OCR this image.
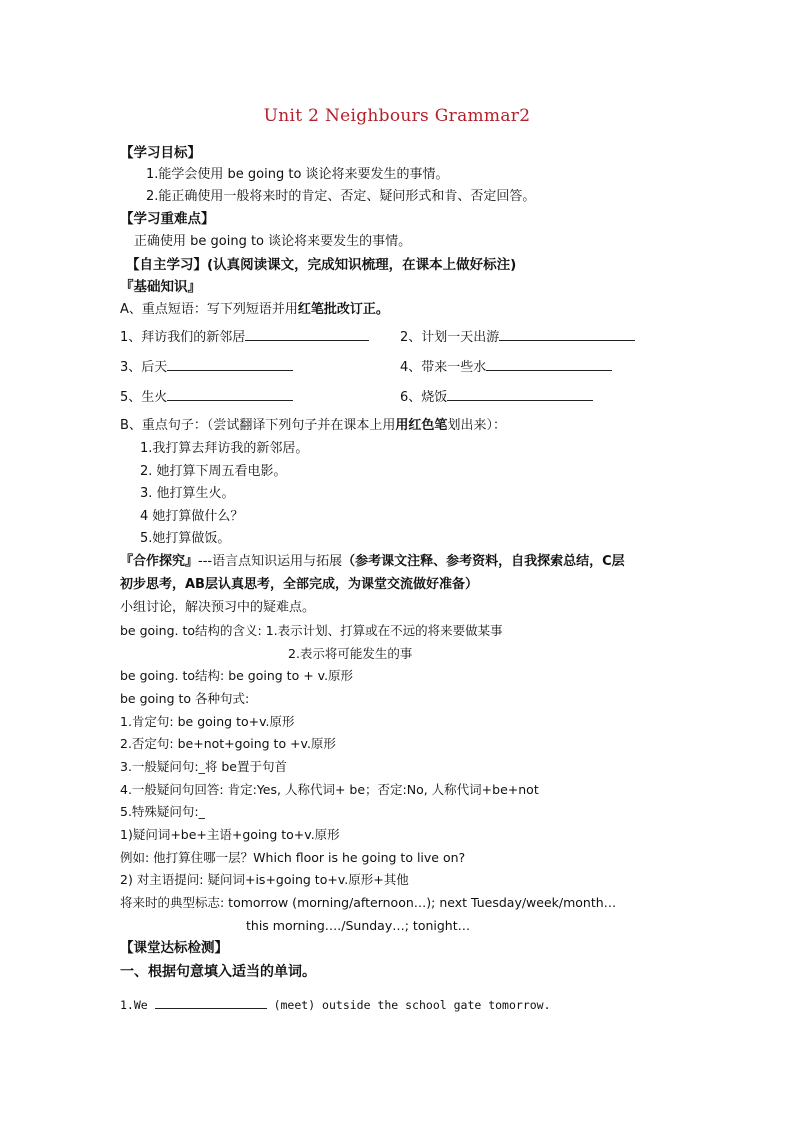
Unit 2 Neighbours Grammar2
【学习目标】
1.能学会使用 be going to 谈论将来要发生的事情。
2.能正确使用一般将来时的肯定、否定、疑问形式和肯、否定回答。
【学习重难点】
正确使用 be going to 谈论将来要发生的事情。
【自主学习】(认真阅读课文，完成知识梳理，在课本上做好标注)
『基础知识』
A、重点短语：写下列短语并用红笔批改订正。
1、拜访我们的新邻居	2、计划一天出游
3、后天	4、带来一些水
5、生火	6、烧饭
B、重点句子：（尝试翻译下列句子并在课本上用用红色笔划出来）：
1.我打算去拜访我的新邻居。
2. 她打算下周五看电影。
3. 他打算生火。
4 她打算做什么？
5.她打算做饭。
『合作探究』---语言点知识运用与拓展（参考课文注释、参考资料，自我探索总结，C层
初步思考，AB层认真思考，全部完成，为课堂交流做好准备）
小组讨论，解决预习中的疑难点。
be going. to结构的含义: 1.表示计划、打算或在不远的将来要做某事
2.表示将可能发生的事
be going. to结构: be going to + v.原形
be going to 各种句式:
1.肯定句: be going to+v.原形
2.否定句: be+not+going to +v.原形
3.一般疑问句:_将 be置于句首
4.一般疑问句回答: 肯定:Yes, 人称代词+ be；否定:No, 人称代词+be+not
5.特殊疑问句:_
1)疑问词+be+主语+going to+v.原形
例如: 他打算住哪一层？Which floor is he going to live on?
2) 对主语提问: 疑问词+is+going to+v.原形+其他
将来时的典型标志: tomorrow (morning/afternoon…); next Tuesday/week/month…
this morning…./Sunday…; tonight…
【课堂达标检测】
一、根据句意填入适当的单词。
1.We	(meet) outside the school gate tomorrow.
